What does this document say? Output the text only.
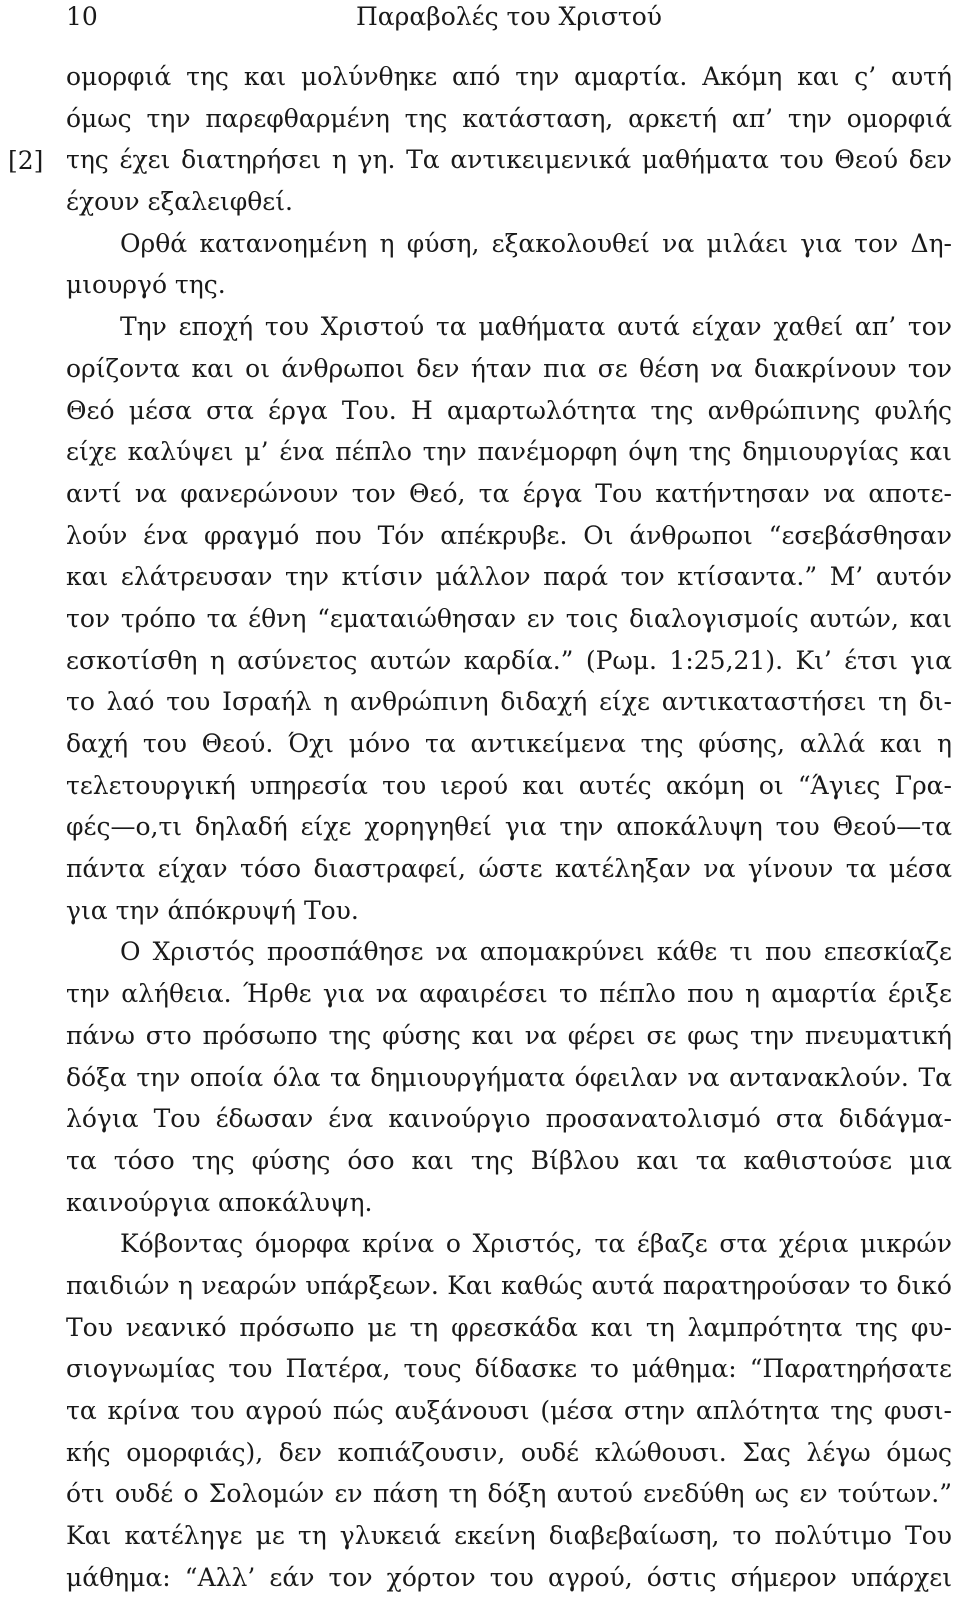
10	Παραβολές του Χριστού
[2]
ομορφιά της και μολύνθηκε από την αμαρτία. Ακόμη και ς’ αυτή
όμως την παρεφθαρμένη της κατάσταση, αρκετή απ’ την ομορφιά
της έχει διατηρήσει η γη. Τα αντικειμενικά μαθήματα του Θεού δεν
έχουν εξαλειφθεί.
Ορθά κατανοημένη η φύση, εξακολουθεί να μιλάει για τον Δη-
μιουργό της.
Την εποχή του Χριστού τα μαθήματα αυτά είχαν χαθεί απ’ τον
ορίζοντα και οι άνθρωποι δεν ήταν πια σε θέση να διακρίνουν τον
Θεό μέσα στα έργα Του. Η αμαρτωλότητα της ανθρώπινης φυλής
είχε καλύψει μ’ ένα πέπλο την πανέμορφη όψη της δημιουργίας και
αντί να φανερώνουν τον Θεό, τα έργα Του κατήντησαν να αποτε-
λούν ένα φραγμό που Τόν απέκρυβε. Οι άνθρωποι “εσεβάσθησαν
και ελάτρευσαν την κτίσιν μάλλον παρά τον κτίσαντα.” Μ’ αυτόν
τον τρόπο τα έθνη “εματαιώθησαν εν τοις διαλογισμοίς αυτών, και
εσκοτίσθη η ασύνετος αυτών καρδία.” (Ρωμ. 1:25,21). Κι’ έτσι για
το λαό του Ισραήλ η ανθρώπινη διδαχή είχε αντικαταστήσει τη δι-
δαχή του Θεού. Όχι μόνο τα αντικείμενα της φύσης, αλλά και η
τελετουργική υπηρεσία του ιερού και αυτές ακόμη οι “Άγιες Γρα-
φές—ο,τι δηλαδή είχε χορηγηθεί για την αποκάλυψη του Θεού—τα
πάντα είχαν τόσο διαστραφεί, ώστε κατέληξαν να γίνουν τα μέσα
για την άπόκρυψή Του.
Ο Χριστός προσπάθησε να απομακρύνει κάθε τι που επεσκίαζε
την αλήθεια. Ήρθε για να αφαιρέσει το πέπλο που η αμαρτία έριξε
πάνω στο πρόσωπο της φύσης και να φέρει σε φως την πνευματική
δόξα την οποία όλα τα δημιουργήματα όφειλαν να αντανακλούν. Τα
λόγια Του έδωσαν ένα καινούργιο προσανατολισμό στα διδάγμα-
τα τόσο της φύσης όσο και της Βίβλου και τα καθιστούσε μια
καινούργια αποκάλυψη.
Κόβοντας όμορφα κρίνα ο Χριστός, τα έβαζε στα χέρια μικρών
παιδιών η νεαρών υπάρξεων. Και καθώς αυτά παρατηρούσαν το δικό
Του νεανικό πρόσωπο με τη φρεσκάδα και τη λαμπρότητα της φυ-
σιογνωμίας του Πατέρα, τους δίδασκε το μάθημα: “Παρατηρήσατε
τα κρίνα του αγρού πώς αυξάνουσι (μέσα στην απλότητα της φυσι-
κής ομορφιάς), δεν κοπιάζουσιν, ουδέ κλώθουσι. Σας λέγω όμως
ότι ουδέ ο Σολομών εν πάση τη δόξη αυτού ενεδύθη ως εν τούτων.”
Και κατέληγε με τη γλυκειά εκείνη διαβεβαίωση, το πολύτιμο Του
μάθημα: “Αλλ’ εάν τον χόρτον του αγρού, όστις σήμερον υπάρχει
